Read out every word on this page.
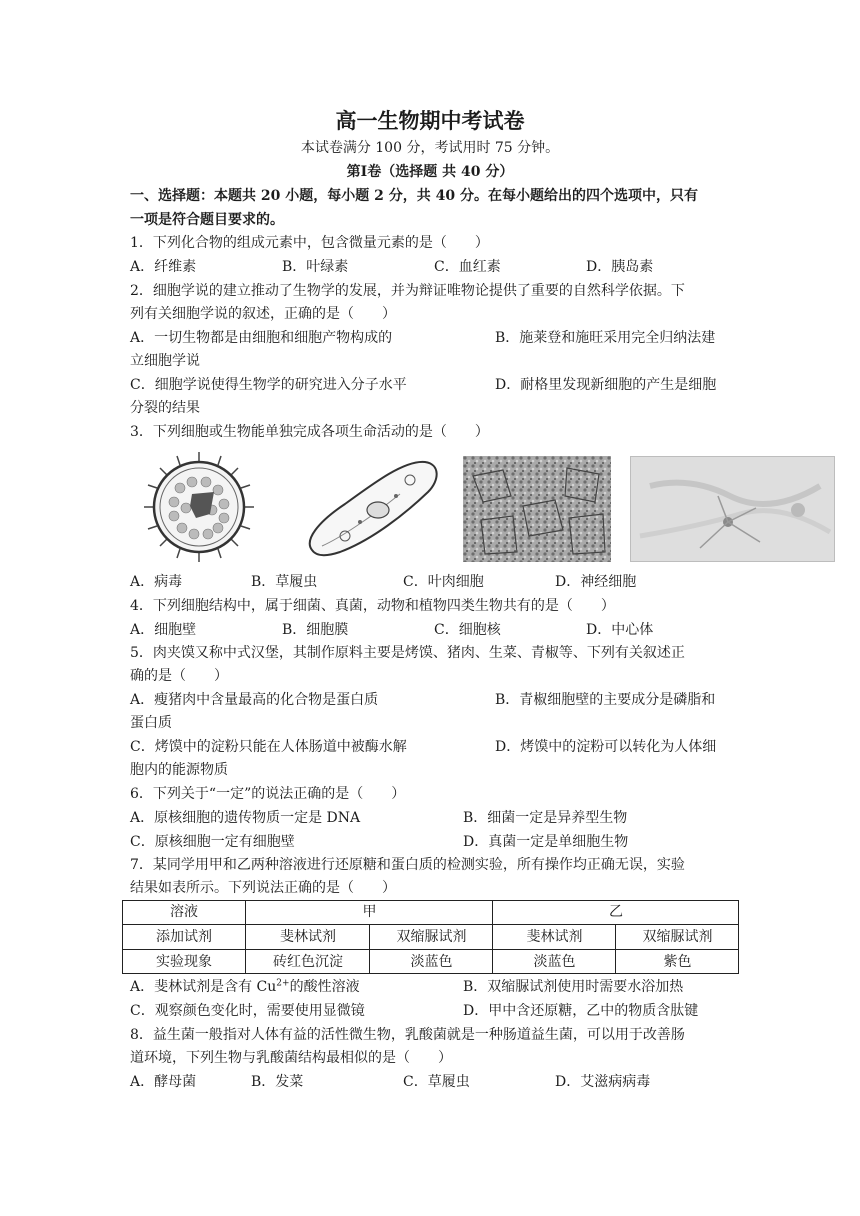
高一生物期中考试卷
本试卷满分 100 分，考试用时 75 分钟。
第Ⅰ卷（选择题 共 40 分）
一、选择题：本题共 20 小题，每小题 2 分，共 40 分。在每小题给出的四个选项中，只有
一项是符合题目要求的。
1．下列化合物的组成元素中，包含微量元素的是（　　）
A．纤维素	B．叶绿素	C．血红素	D．胰岛素
2．细胞学说的建立推动了生物学的发展，并为辩证唯物论提供了重要的自然科学依据。下
列有关细胞学说的叙述，正确的是（　　）
A．一切生物都是由细胞和细胞产物构成的	B．施莱登和施旺采用完全归纳法建
立细胞学说
C．细胞学说使得生物学的研究进入分子水平	D．耐格里发现新细胞的产生是细胞
分裂的结果
3．下列细胞或生物能单独完成各项生命活动的是（　　）
A．病毒	B．草履虫	C．叶肉细胞	D．神经细胞
4．下列细胞结构中，属于细菌、真菌，动物和植物四类生物共有的是（　　）
A．细胞壁	B．细胞膜	C．细胞核	D．中心体
5．肉夹馍又称中式汉堡，其制作原料主要是烤馍、猪肉、生菜、青椒等、下列有关叙述正
确的是（　　）
A．瘦猪肉中含量最高的化合物是蛋白质	B．青椒细胞壁的主要成分是磷脂和
蛋白质
C．烤馍中的淀粉只能在人体肠道中被酶水解	D．烤馍中的淀粉可以转化为人体细
胞内的能源物质
6．下列关于“一定”的说法正确的是（　　）
A．原核细胞的遗传物质一定是 DNA	B．细菌一定是异养型生物
C．原核细胞一定有细胞壁	D．真菌一定是单细胞生物
7．某同学用甲和乙两种溶液进行还原糖和蛋白质的检测实验，所有操作均正确无误，实验
结果如表所示。下列说法正确的是（　　）
溶液	甲	乙
添加试剂	斐林试剂	双缩脲试剂	斐林试剂	双缩脲试剂
实验现象	砖红色沉淀	淡蓝色	淡蓝色	紫色
A．斐林试剂是含有 $Cu^{2+}$的酸性溶液	B．双缩脲试剂使用时需要水浴加热
C．观察颜色变化时，需要使用显微镜	D．甲中含还原糖，乙中的物质含肽键
8．益生菌一般指对人体有益的活性微生物，乳酸菌就是一种肠道益生菌，可以用于改善肠
道环境，下列生物与乳酸菌结构最相似的是（　　）
A．酵母菌	B．发菜	C．草履虫	D．艾滋病病毒
